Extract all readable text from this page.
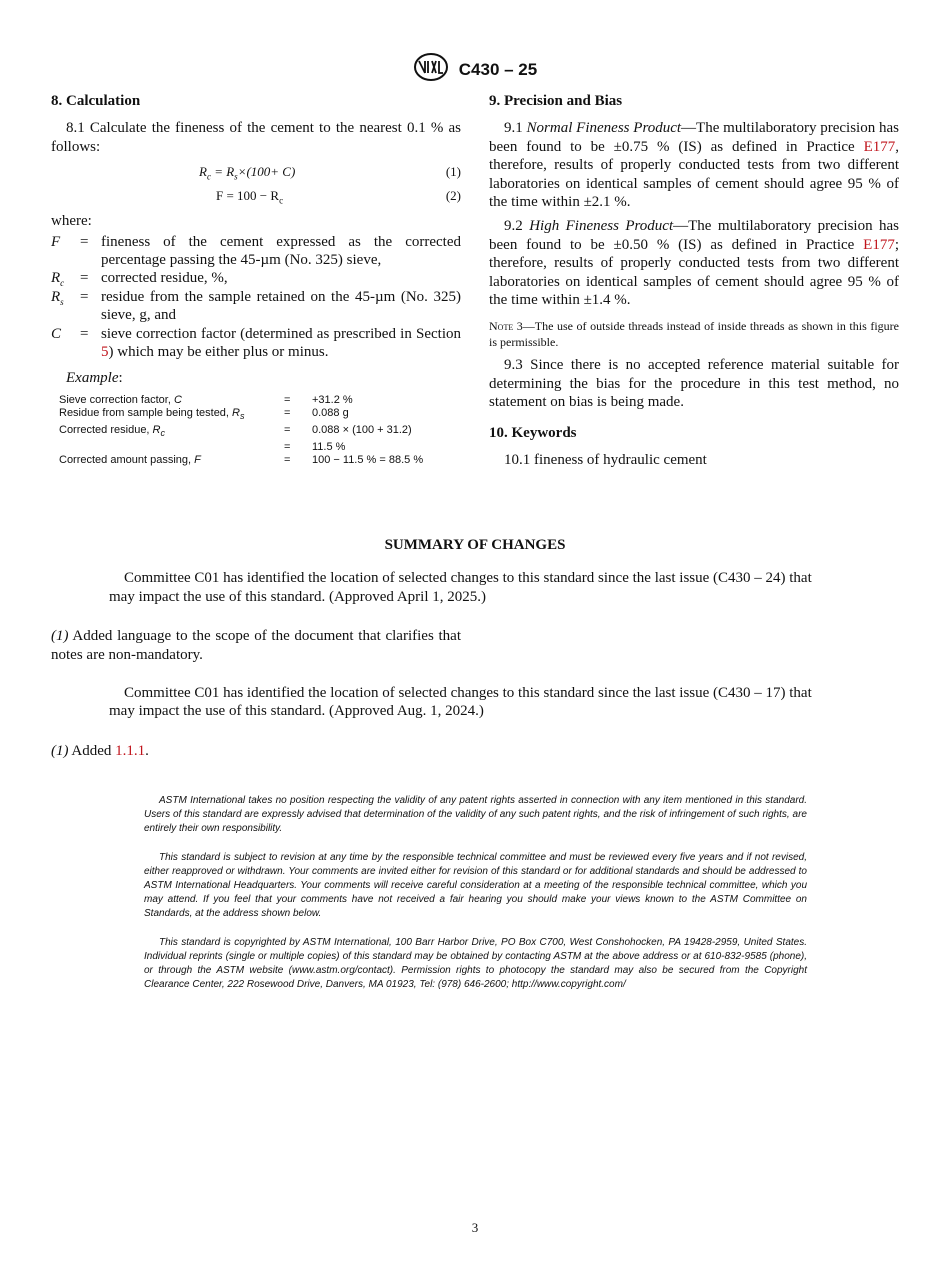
C430 – 25
8. Calculation

8.1 Calculate the fineness of the cement to the nearest 0.1 % as follows:

$R_c = R_s\times(100+ C)$	(1)
$F = 100 - R_c$	(2)

where:

F = fineness of the cement expressed as the corrected percentage passing the 45-µm (No. 325) sieve,
$R_c$ = corrected residue, %,
$R_s$ = residue from the sample retained on the 45-µm (No. 325) sieve, g, and
C = sieve correction factor (determined as prescribed in Section 5) which may be either plus or minus.

Example:

Sieve correction factor, C	=	+31.2 %
Residue from sample being tested, $R_s$	=	0.088 g
Corrected residue, $R_c$	=	0.088 × (100 + 31.2)
	=	11.5 %
Corrected amount passing, F	=	100 − 11.5 % = 88.5 %
9. Precision and Bias

9.1 Normal Fineness Product—The multilaboratory precision has been found to be ±0.75 % (IS) as defined in Practice E177, therefore, results of properly conducted tests from two different laboratories on identical samples of cement should agree 95 % of the time within ±2.1 %.

9.2 High Fineness Product—The multilaboratory precision has been found to be ±0.50 % (IS) as defined in Practice E177; therefore, results of properly conducted tests from two different laboratories on identical samples of cement should agree 95 % of the time within ±1.4 %.

Note 3—The use of outside threads instead of inside threads as shown in this figure is permissible.

9.3 Since there is no accepted reference material suitable for determining the bias for the procedure in this test method, no statement on bias is being made.

10. Keywords

10.1 fineness of hydraulic cement

SUMMARY OF CHANGES

Committee C01 has identified the location of selected changes to this standard since the last issue (C430 – 24) that may impact the use of this standard. (Approved April 1, 2025.)

(1) Added language to the scope of the document that clarifies that notes are non-mandatory.

Committee C01 has identified the location of selected changes to this standard since the last issue (C430 – 17) that may impact the use of this standard. (Approved Aug. 1, 2024.)

(1) Added 1.1.1.

ASTM International takes no position respecting the validity of any patent rights asserted in connection with any item mentioned in this standard. Users of this standard are expressly advised that determination of the validity of any such patent rights, and the risk of infringement of such rights, are entirely their own responsibility.

This standard is subject to revision at any time by the responsible technical committee and must be reviewed every five years and if not revised, either reapproved or withdrawn. Your comments are invited either for revision of this standard or for additional standards and should be addressed to ASTM International Headquarters. Your comments will receive careful consideration at a meeting of the responsible technical committee, which you may attend. If you feel that your comments have not received a fair hearing you should make your views known to the ASTM Committee on Standards, at the address shown below.

This standard is copyrighted by ASTM International, 100 Barr Harbor Drive, PO Box C700, West Conshohocken, PA 19428-2959, United States. Individual reprints (single or multiple copies) of this standard may be obtained by contacting ASTM at the above address or at 610-832-9585 (phone), or through the ASTM website (www.astm.org/contact). Permission rights to photocopy the standard may also be secured from the Copyright Clearance Center, 222 Rosewood Drive, Danvers, MA 01923, Tel: (978) 646-2600; http://www.copyright.com/

3
